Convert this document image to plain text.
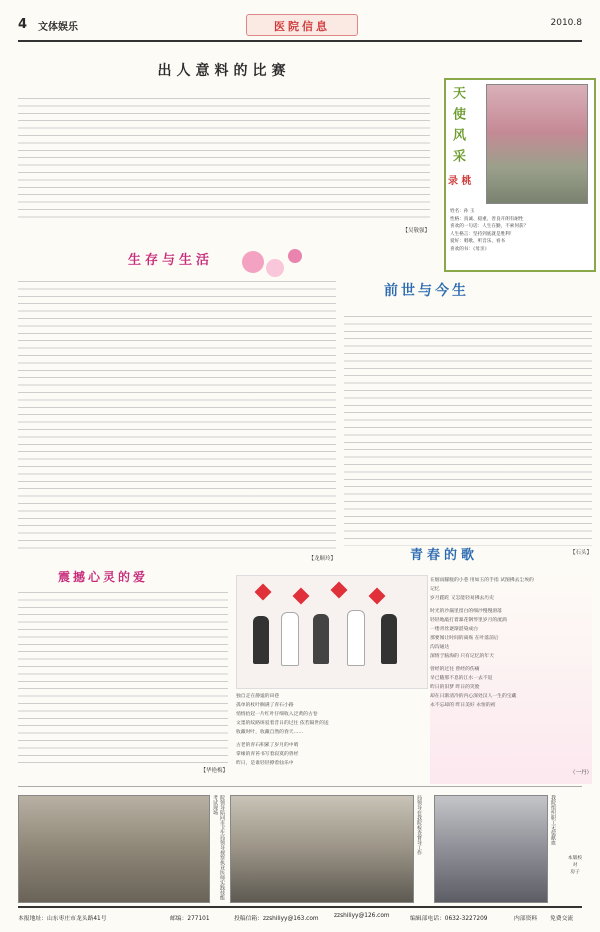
4 文体娱乐	医院信息	2010.8
出人意料的比赛
【吴敬强】
天使风采
录 桃
姓名：孙 玉
性格：真诚、稳重、善良开朗有耐性
喜欢的一句话：人生在勤，不索何获？
人生格言：坚持到底就是胜利！
爱好：唱歌、听音乐、看书
喜欢的书：《母亲》
生存与生活
【龙顺玲】
前世与今生
【石头】
震撼心灵的爱
【华艳梅】
独自走在静谧的田巷
孤单的杖叶搁满了青石小路
悄悄抬起一片红叶仔细收入泛黄的古卷
文墨的纹路斑驳着昔日的过往 依若隔世的送
收藏时叶，收藏自然的春天……
古老的青石积累了岁月的中哨
掌缘的青苔书写着寂寞的曾经
昨日，是谁轻轻撩着仙乐中
青春的歌
在烟雨朦胧的小巷 用如玉的手指 试图拂去尘埃的
记忆
岁月蹉跎 又怎能轻易拂去历史
时光的沙漏里留白的细沙慢慢滑落
轻轻地敲打着暴花钢琴里岁月的流淌
一缕青丝逐渐湛染成白
那要闻让时间的离殇 在叶落前后
沟沟通达
深情于脑海的 只有记忆的年天
曾经的过往 曾经的伤痛
早已随那不息的江水一去不返
昨日的旧梦 昨日的笑脸
却在日渐清冷的内心深处汉人一生的宝藏
永不忘却的 昨日美好 永恒的初
（一丹）
院领导陪同市卫生局领导视察执业医师实践技能考试现场	局领导在我院检查督导工作	我院组织职工无偿献血
本版校对
房子
本报地址：山东枣庄市龙头路41号	邮编：277101	投稿信箱：zzshiliyy@163.com	zzshiliyy@126.com	编辑部电话：0632-3227209	内部资料 免费交流
